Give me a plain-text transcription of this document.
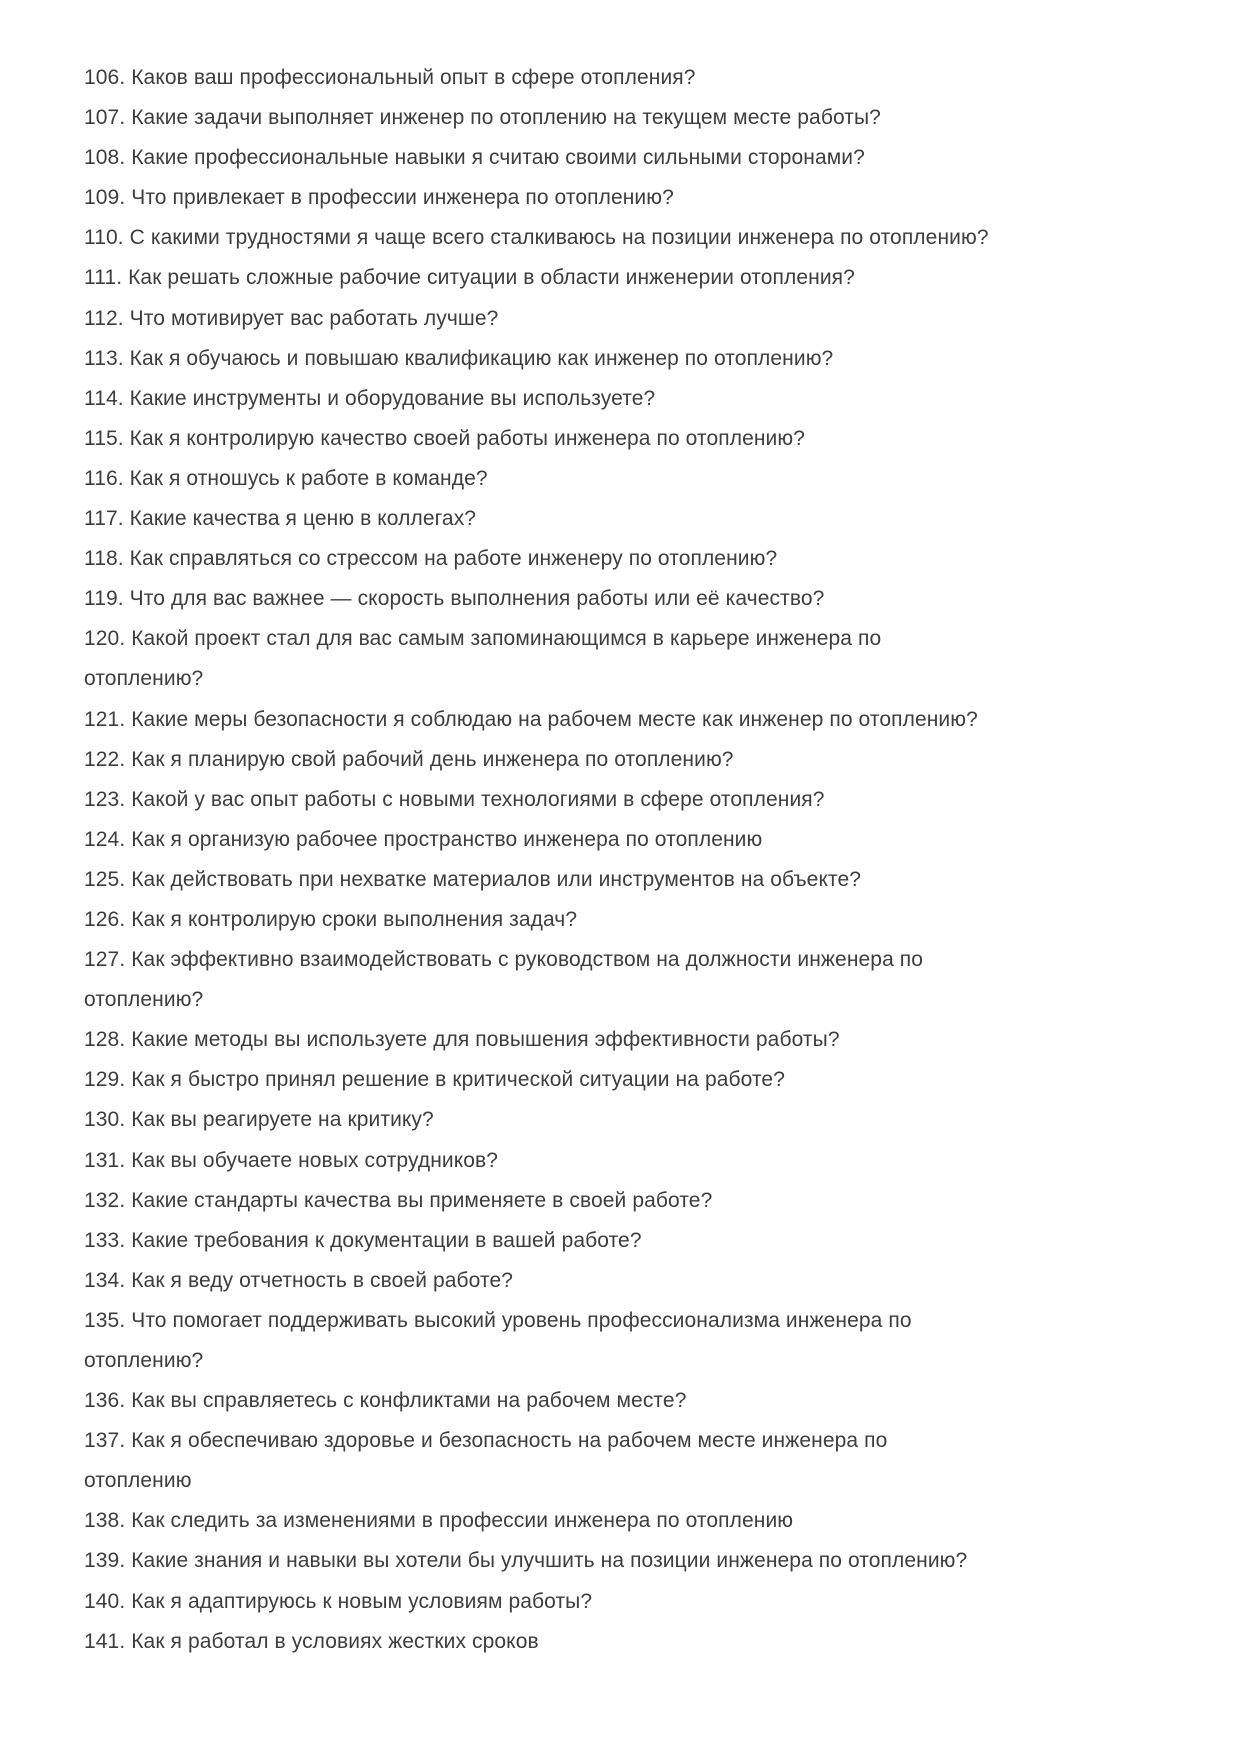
106. Каков ваш профессиональный опыт в сфере отопления?

107. Какие задачи выполняет инженер по отоплению на текущем месте работы?

108. Какие профессиональные навыки я считаю своими сильными сторонами?

109. Что привлекает в профессии инженера по отоплению?

110. С какими трудностями я чаще всего сталкиваюсь на позиции инженера по отоплению?

111. Как решать сложные рабочие ситуации в области инженерии отопления?

112. Что мотивирует вас работать лучше?

113. Как я обучаюсь и повышаю квалификацию как инженер по отоплению?

114. Какие инструменты и оборудование вы используете?

115. Как я контролирую качество своей работы инженера по отоплению?

116. Как я отношусь к работе в команде?

117. Какие качества я ценю в коллегах?

118. Как справляться со стрессом на работе инженеру по отоплению?

119. Что для вас важнее — скорость выполнения работы или её качество?

120. Какой проект стал для вас самым запоминающимся в карьере инженера по
отоплению?

121. Какие меры безопасности я соблюдаю на рабочем месте как инженер по отоплению?

122. Как я планирую свой рабочий день инженера по отоплению?

123. Какой у вас опыт работы с новыми технологиями в сфере отопления?

124. Как я организую рабочее пространство инженера по отоплению

125. Как действовать при нехватке материалов или инструментов на объекте?

126. Как я контролирую сроки выполнения задач?

127. Как эффективно взаимодействовать с руководством на должности инженера по
отоплению?

128. Какие методы вы используете для повышения эффективности работы?

129. Как я быстро принял решение в критической ситуации на работе?

130. Как вы реагируете на критику?

131. Как вы обучаете новых сотрудников?

132. Какие стандарты качества вы применяете в своей работе?

133. Какие требования к документации в вашей работе?

134. Как я веду отчетность в своей работе?

135. Что помогает поддерживать высокий уровень профессионализма инженера по
отоплению?

136. Как вы справляетесь с конфликтами на рабочем месте?

137. Как я обеспечиваю здоровье и безопасность на рабочем месте инженера по
отоплению

138. Как следить за изменениями в профессии инженера по отоплению

139. Какие знания и навыки вы хотели бы улучшить на позиции инженера по отоплению?

140. Как я адаптируюсь к новым условиям работы?

141. Как я работал в условиях жестких сроков
